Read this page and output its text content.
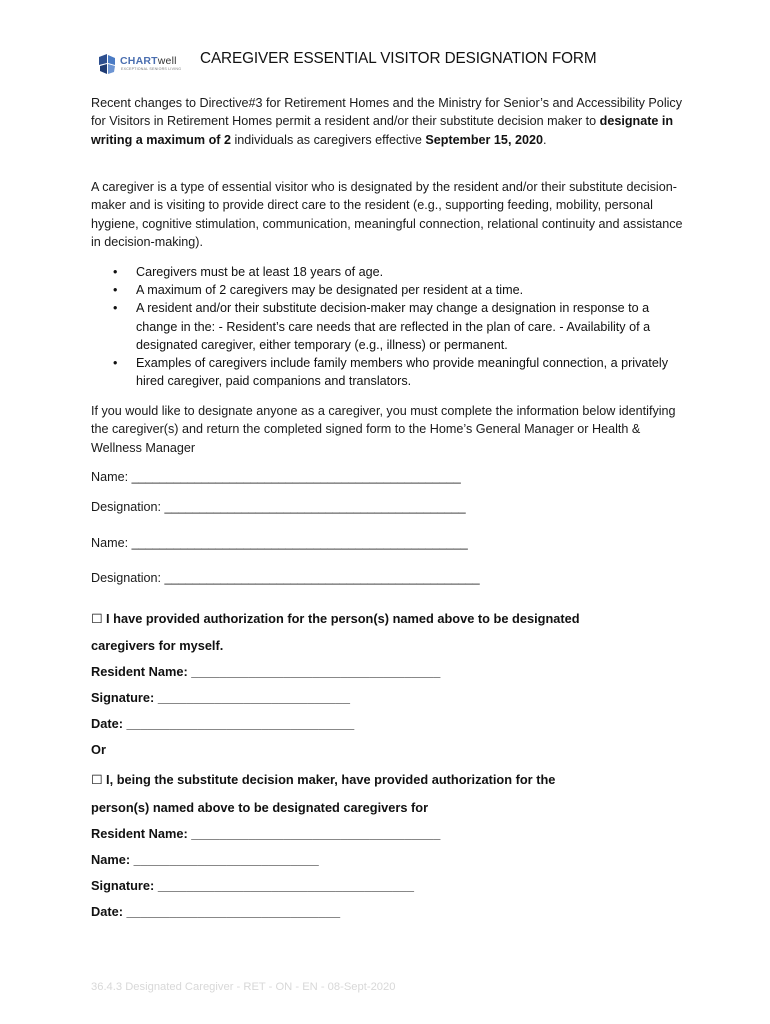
CHARTwell
EXCEPTIONAL SENIORS LIVING
CAREGIVER ESSENTIAL VISITOR DESIGNATION FORM
Recent changes to Directive#3 for Retirement Homes and the Ministry for Senior’s and Accessibility Policy for Visitors in Retirement Homes permit a resident and/or their substitute decision maker to designate in writing a maximum of 2 individuals as caregivers effective September 15, 2020.
A caregiver is a type of essential visitor who is designated by the resident and/or their substitute decision-maker and is visiting to provide direct care to the resident (e.g., supporting feeding, mobility, personal hygiene, cognitive stimulation, communication, meaningful connection, relational continuity and assistance in decision-making).
• Caregivers must be at least 18 years of age.
• A maximum of 2 caregivers may be designated per resident at a time.
• A resident and/or their substitute decision-maker may change a designation in response to a change in the: - Resident’s care needs that are reflected in the plan of care. - Availability of a designated caregiver, either temporary (e.g., illness) or permanent.
• Examples of caregivers include family members who provide meaningful connection, a privately hired caregiver, paid companions and translators.
If you would like to designate anyone as a caregiver, you must complete the information below identifying the caregiver(s) and return the completed signed form to the Home’s General Manager or Health & Wellness Manager
Name: _______________________________________________
Designation: ___________________________________________
Name: ________________________________________________
Designation: _____________________________________________
☐ I have provided authorization for the person(s) named above to be designated
caregivers for myself.
Resident Name: ___________________________________
Signature: ___________________________
Date: ________________________________
Or
☐ I, being the substitute decision maker, have provided authorization for the
person(s) named above to be designated caregivers for
Resident Name: ___________________________________
Name: __________________________
Signature: ____________________________________
Date: ______________________________
36.4.3 Designated Caregiver - RET - ON - EN - 08-Sept-2020
